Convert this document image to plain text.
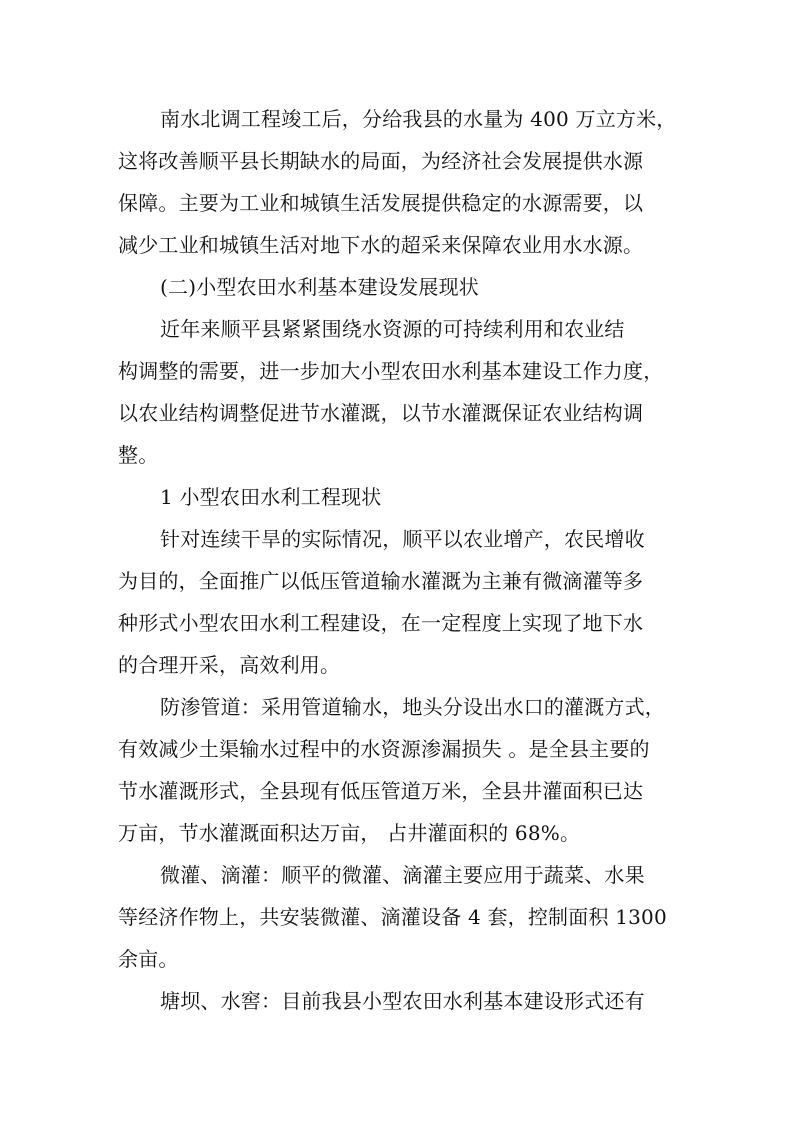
南水北调工程竣工后，分给我县的水量为 400 万立方米，
这将改善顺平县长期缺水的局面，为经济社会发展提供水源
保障。主要为工业和城镇生活发展提供稳定的水源需要，以
减少工业和城镇生活对地下水的超采来保障农业用水水源。

(二)小型农田水利基本建设发展现状

近年来顺平县紧紧围绕水资源的可持续利用和农业结
构调整的需要，进一步加大小型农田水利基本建设工作力度，
以农业结构调整促进节水灌溉，以节水灌溉保证农业结构调
整。

1 小型农田水利工程现状

针对连续干旱的实际情况，顺平以农业增产，农民增收
为目的，全面推广以低压管道输水灌溉为主兼有微滴灌等多
种形式小型农田水利工程建设，在一定程度上实现了地下水
的合理开采，高效利用。

防渗管道：采用管道输水，地头分设出水口的灌溉方式，
有效减少土渠输水过程中的水资源渗漏损失 。是全县主要的
节水灌溉形式，全县现有低压管道万米，全县井灌面积已达
万亩，节水灌溉面积达万亩， 占井灌面积的 68%。

微灌、滴灌：顺平的微灌、滴灌主要应用于蔬菜、水果
等经济作物上，共安装微灌、滴灌设备 4 套，控制面积 1300
余亩。

塘坝、水窖：目前我县小型农田水利基本建设形式还有
